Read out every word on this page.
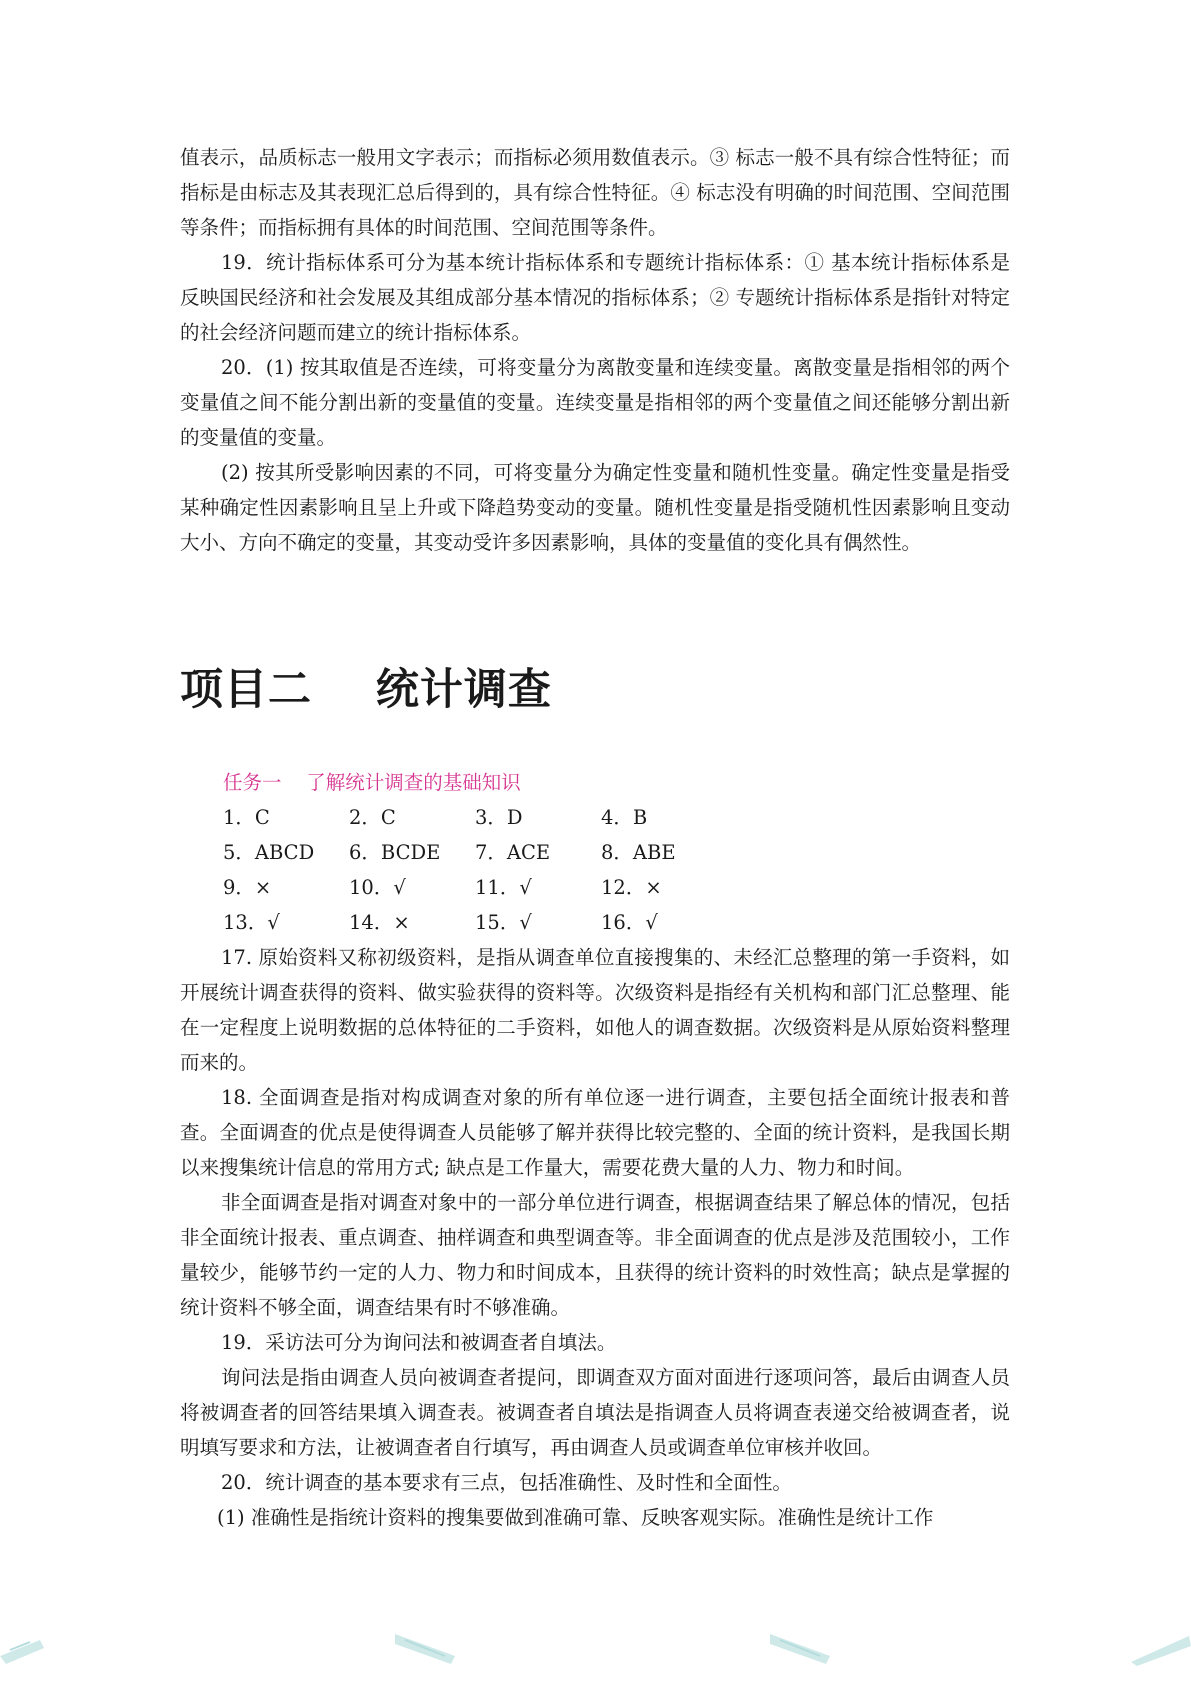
值表示，品质标志一般用文字表示；而指标必须用数值表示。③ 标志一般不具有综合性特征；而指标是由标志及其表现汇总后得到的，具有综合性特征。④ 标志没有明确的时间范围、空间范围等条件；而指标拥有具体的时间范围、空间范围等条件。

19．统计指标体系可分为基本统计指标体系和专题统计指标体系：① 基本统计指标体系是反映国民经济和社会发展及其组成部分基本情况的指标体系；② 专题统计指标体系是指针对特定的社会经济问题而建立的统计指标体系。

20．(1) 按其取值是否连续，可将变量分为离散变量和连续变量。离散变量是指相邻的两个变量值之间不能分割出新的变量值的变量。连续变量是指相邻的两个变量值之间还能够分割出新的变量值的变量。

(2) 按其所受影响因素的不同，可将变量分为确定性变量和随机性变量。确定性变量是指受某种确定性因素影响且呈上升或下降趋势变动的变量。随机性变量是指受随机性因素影响且变动大小、方向不确定的变量，其变动受许多因素影响，具体的变量值的变化具有偶然性。

项目二    统计调查

任务一    了解统计调查的基础知识

1．C	2．C	3．D	4．B
5．ABCD	6．BCDE	7．ACE	8．ABE
9．×	10．√	11．√	12．×
13．√	14．×	15．√	16．√

17. 原始资料又称初级资料，是指从调查单位直接搜集的、未经汇总整理的第一手资料，如开展统计调查获得的资料、做实验获得的资料等。次级资料是指经有关机构和部门汇总整理、能在一定程度上说明数据的总体特征的二手资料，如他人的调查数据。次级资料是从原始资料整理而来的。

18. 全面调查是指对构成调查对象的所有单位逐一进行调查，主要包括全面统计报表和普查。全面调查的优点是使得调查人员能够了解并获得比较完整的、全面的统计资料，是我国长期以来搜集统计信息的常用方式; 缺点是工作量大，需要花费大量的人力、物力和时间。

非全面调查是指对调查对象中的一部分单位进行调查，根据调查结果了解总体的情况，包括非全面统计报表、重点调查、抽样调查和典型调查等。非全面调查的优点是涉及范围较小，工作量较少，能够节约一定的人力、物力和时间成本，且获得的统计资料的时效性高；缺点是掌握的统计资料不够全面，调查结果有时不够准确。

19．采访法可分为询问法和被调查者自填法。

询问法是指由调查人员向被调查者提问，即调查双方面对面进行逐项问答，最后由调查人员将被调查者的回答结果填入调查表。被调查者自填法是指调查人员将调查表递交给被调查者，说明填写要求和方法，让被调查者自行填写，再由调查人员或调查单位审核并收回。

20．统计调查的基本要求有三点，包括准确性、及时性和全面性。

(1) 准确性是指统计资料的搜集要做到准确可靠、反映客观实际。准确性是统计工作
